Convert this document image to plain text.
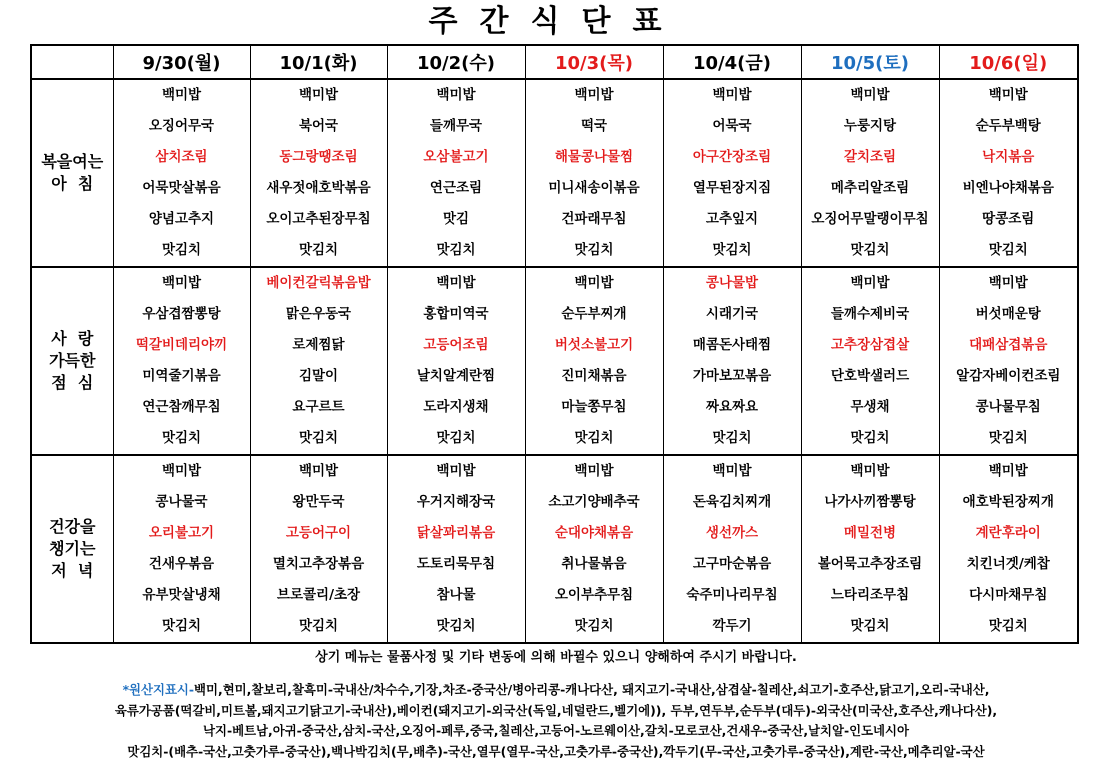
주간식단표
	9/30(월)	10/1(화)	10/2(수)	10/3(목)	10/4(금)	10/5(토)	10/6(일)

복을여는
아  침	백미밥	백미밥	백미밥	백미밥	백미밥	백미밥	백미밥
	오징어무국	북어국	들깨무국	떡국	어묵국	누룽지탕	순두부백탕
	삼치조림	동그랑땡조림	오삼불고기	해물콩나물찜	아구간장조림	갈치조림	낙지볶음
	어묵맛살볶음	새우젓애호박볶음	연근조림	미니새송이볶음	열무된장지짐	메추리알조림	비엔나야채볶음
	양념고추지	오이고추된장무침	맛김	건파래무침	고추잎지	오징어무말랭이무침	땅콩조림
	맛김치	맛김치	맛김치	맛김치	맛김치	맛김치	맛김치

사  랑
가득한
점  심	백미밥	베이컨갈릭볶음밥	백미밥	백미밥	콩나물밥	백미밥	백미밥
	우삼겹짬뽕탕	맑은우동국	홍합미역국	순두부찌개	시래기국	들깨수제비국	버섯매운탕
	떡갈비데리야끼	로제찜닭	고등어조림	버섯소불고기	매콤돈사태찜	고추장삼겹살	대패삼겹볶음
	미역줄기볶음	김말이	날치알계란찜	진미채볶음	가마보꼬볶음	단호박샐러드	알감자베이컨조림
	연근참깨무침	요구르트	도라지생채	마늘쫑무침	짜요짜요	무생채	콩나물무침
	맛김치	맛김치	맛김치	맛김치	맛김치	맛김치	맛김치

건강을
챙기는
저  녁	백미밥	백미밥	백미밥	백미밥	백미밥	백미밥	백미밥
	콩나물국	왕만두국	우거지해장국	소고기양배추국	돈육김치찌개	나가사끼짬뽕탕	애호박된장찌개
	오리불고기	고등어구이	닭살꽈리볶음	순대야채볶음	생선까스	메밀전병	계란후라이
	건새우볶음	멸치고추장볶음	도토리묵무침	취나물볶음	고구마순볶음	볼어묵고추장조림	치킨너겟/케찹
	유부맛살냉채	브로콜리/초장	참나물	오이부추무침	숙주미나리무침	느타리조무침	다시마채무침
	맛김치	맛김치	맛김치	맛김치	깍두기	맛김치	맛김치
상기 메뉴는 물품사정 및 기타 변동에 의해 바뀔수 있으니 양해하여 주시기 바랍니다.
*원산지표시-백미,현미,찰보리,찰흑미-국내산/차수수,기장,차조-중국산/병아리콩-캐나다산, 돼지고기-국내산,삼겹살-칠레산,쇠고기-호주산,닭고기,오리-국내산,
육류가공품(떡갈비,미트볼,돼지고기닭고기-국내산),베이컨(돼지고기-외국산(독일,네덜란드,벨기에)), 두부,연두부,순두부(대두)-외국산(미국산,호주산,캐나다산),
낙지-베트남,아귀-중국산,삼치-국산,오징어-페루,중국,칠레산,고등어-노르웨이산,갈치-모로코산,건새우-중국산,날치알-인도네시아
맛김치-(배추-국산,고춧가루-중국산),백나박김치(무,배추)-국산,열무(열무-국산,고춧가루-중국산),깍두기(무-국산,고춧가루-중국산),계란-국산,메추리알-국산
